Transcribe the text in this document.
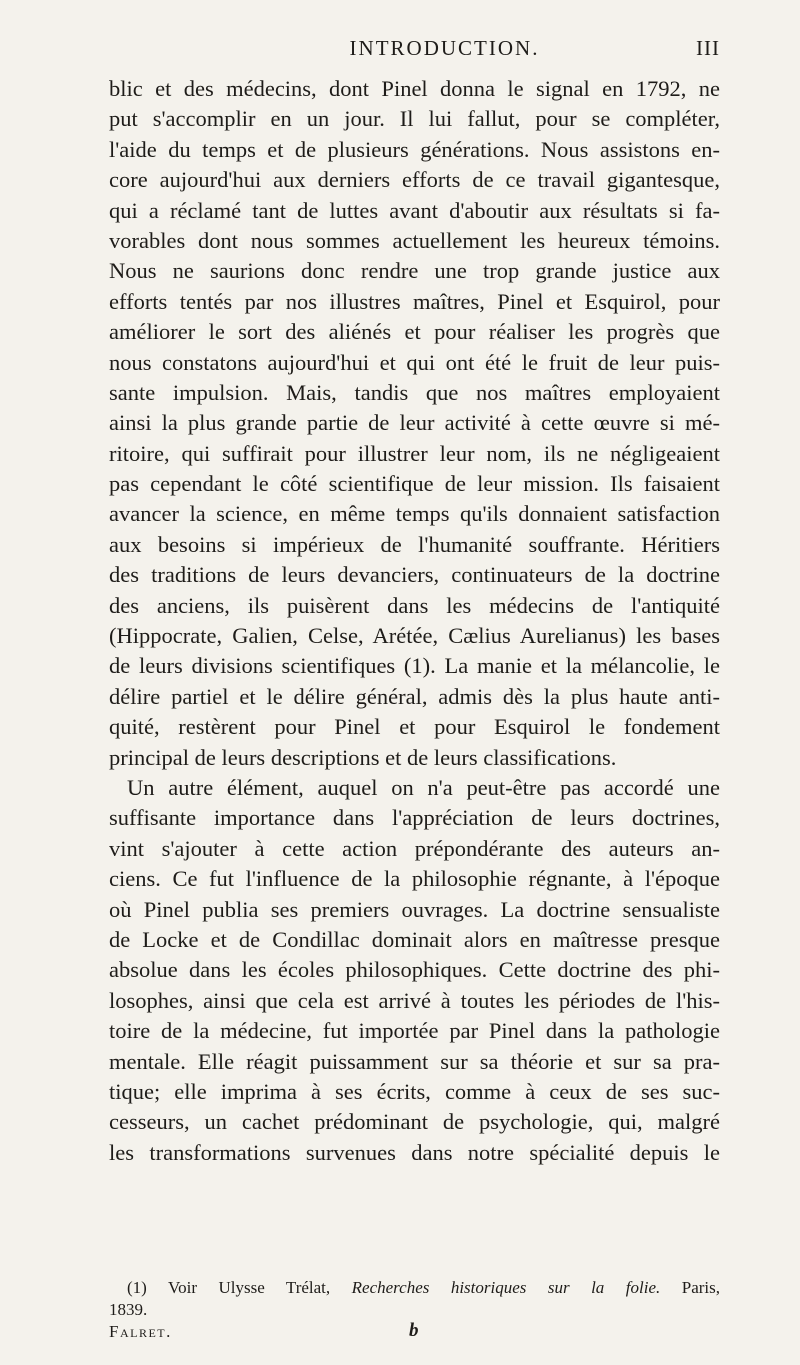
INTRODUCTION.	III
blic et des médecins, dont Pinel donna le signal en 1792, ne
put s'accomplir en un jour. Il lui fallut, pour se compléter,
l'aide du temps et de plusieurs générations. Nous assistons en-
core aujourd'hui aux derniers efforts de ce travail gigantesque,
qui a réclamé tant de luttes avant d'aboutir aux résultats si fa-
vorables dont nous sommes actuellement les heureux témoins.
Nous ne saurions donc rendre une trop grande justice aux
efforts tentés par nos illustres maîtres, Pinel et Esquirol, pour
améliorer le sort des aliénés et pour réaliser les progrès que
nous constatons aujourd'hui et qui ont été le fruit de leur puis-
sante impulsion. Mais, tandis que nos maîtres employaient
ainsi la plus grande partie de leur activité à cette œuvre si mé-
ritoire, qui suffirait pour illustrer leur nom, ils ne négligeaient
pas cependant le côté scientifique de leur mission. Ils faisaient
avancer la science, en même temps qu'ils donnaient satisfaction
aux besoins si impérieux de l'humanité souffrante. Héritiers
des traditions de leurs devanciers, continuateurs de la doctrine
des anciens, ils puisèrent dans les médecins de l'antiquité
(Hippocrate, Galien, Celse, Arétée, Cælius Aurelianus) les bases
de leurs divisions scientifiques (1). La manie et la mélancolie, le
délire partiel et le délire général, admis dès la plus haute anti-
quité, restèrent pour Pinel et pour Esquirol le fondement
principal de leurs descriptions et de leurs classifications.
Un autre élément, auquel on n'a peut-être pas accordé une
suffisante importance dans l'appréciation de leurs doctrines,
vint s'ajouter à cette action prépondérante des auteurs an-
ciens. Ce fut l'influence de la philosophie régnante, à l'époque
où Pinel publia ses premiers ouvrages. La doctrine sensualiste
de Locke et de Condillac dominait alors en maîtresse presque
absolue dans les écoles philosophiques. Cette doctrine des phi-
losophes, ainsi que cela est arrivé à toutes les périodes de l'his-
toire de la médecine, fut importée par Pinel dans la pathologie
mentale. Elle réagit puissamment sur sa théorie et sur sa pra-
tique; elle imprima à ses écrits, comme à ceux de ses suc-
cesseurs, un cachet prédominant de psychologie, qui, malgré
les transformations survenues dans notre spécialité depuis le
(1) Voir Ulysse Trélat, Recherches historiques sur la folie. Paris,
1839.
Falret.	b
